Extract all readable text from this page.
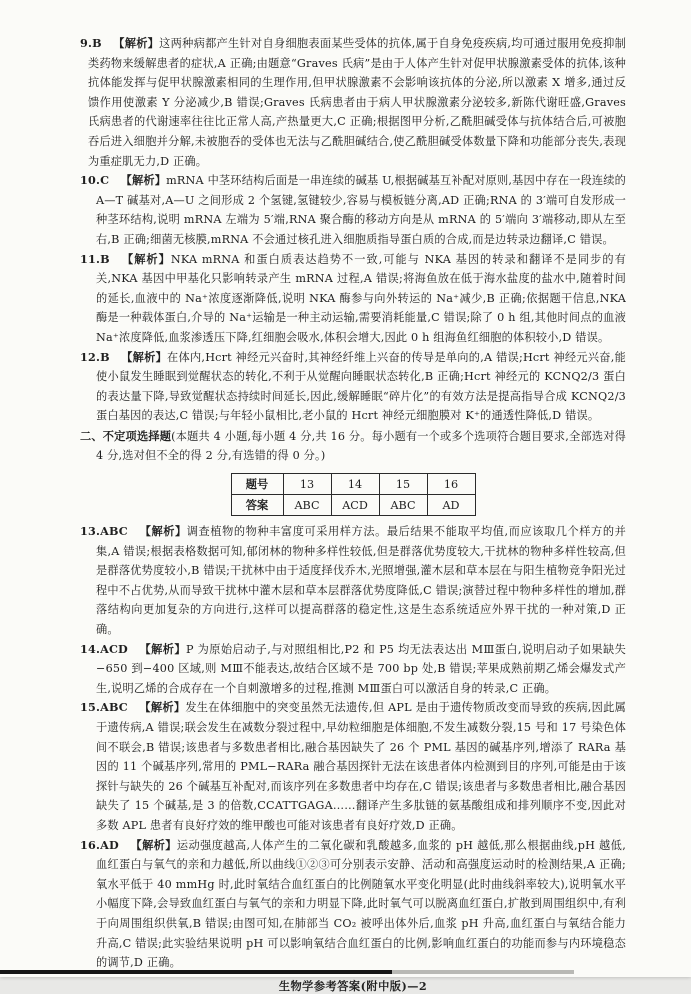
9.B  【解析】这两种病都产生针对自身细胞表面某些受体的抗体,属于自身免疫疾病,均可通过服用免疫抑制类药物来缓解患者的症状,A 正确;由题意“Graves 氏病”是由于人体产生针对促甲状腺激素受体的抗体,该种抗体能发挥与促甲状腺激素相同的生理作用,但甲状腺激素不会影响该抗体的分泌,所以激素 X 增多,通过反馈作用使激素 Y 分泌减少,B 错误;Graves 氏病患者由于病人甲状腺激素分泌较多,新陈代谢旺盛,Graves 氏病患者的代谢速率往往比正常人高,产热量更大,C 正确;根据图甲分析,乙酰胆碱受体与抗体结合后,可被胞吞后进入细胞并分解,未被胞吞的受体也无法与乙酰胆碱结合,使乙酰胆碱受体数量下降和功能部分丧失,表现为重症肌无力,D 正确。

10.C  【解析】mRNA 中茎环结构后面是一串连续的碱基 U,根据碱基互补配对原则,基因中存在一段连续的 A—T 碱基对,A—U 之间形成 2 个氢键,氢键较少,容易与模板链分离,AD 正确;RNA 的 3′端可自发形成一种茎环结构,说明 mRNA 左端为 5′端,RNA 聚合酶的移动方向是从 mRNA 的 5′端向 3′端移动,即从左至右,B 正确;细菌无核膜,mRNA 不会通过核孔进入细胞质指导蛋白质的合成,而是边转录边翻译,C 错误。

11.B  【解析】NKA mRNA 和蛋白质表达趋势不一致,可能与 NKA 基因的转录和翻译不是同步的有关,NKA 基因中甲基化只影响转录产生 mRNA 过程,A 错误;将海鱼放在低于海水盐度的盐水中,随着时间的延长,血液中的 Na⁺浓度逐渐降低,说明 NKA 酶参与向外转运的 Na⁺减少,B 正确;依据题干信息,NKA 酶是一种载体蛋白,介导的 Na⁺运输是一种主动运输,需要消耗能量,C 错误;除了 0 h 组,其他时间点的血液 Na⁺浓度降低,血浆渗透压下降,红细胞会吸水,体积会增大,因此 0 h 组海鱼红细胞的体积较小,D 错误。

12.B  【解析】在体内,Hcrt 神经元兴奋时,其神经纤维上兴奋的传导是单向的,A 错误;Hcrt 神经元兴奋,能使小鼠发生睡眠到觉醒状态的转化,不利于从觉醒向睡眠状态转化,B 正确;Hcrt 神经元的 KCNQ2/3 蛋白的表达量下降,导致觉醒状态持续时间延长,因此,缓解睡眠“碎片化”的有效方法是提高指导合成 KCNQ2/3 蛋白基因的表达,C 错误;与年轻小鼠相比,老小鼠的 Hcrt 神经元细胞膜对 K⁺的通透性降低,D 错误。

二、不定项选择题(本题共 4 小题,每小题 4 分,共 16 分。每小题有一个或多个选项符合题目要求,全部选对得 4 分,选对但不全的得 2 分,有选错的得 0 分。)

题号	13	14	15	16
答案	ABC	ACD	ABC	AD

13.ABC  【解析】调查植物的物种丰富度可采用样方法。最后结果不能取平均值,而应该取几个样方的并集,A 错误;根据表格数据可知,郁闭林的物种多样性较低,但是群落优势度较大,干扰林的物种多样性较高,但是群落优势度较小,B 错误;干扰林中由于适度择伐乔木,光照增强,灌木层和草本层在与阳生植物竞争阳光过程中不占优势,从而导致干扰林中灌木层和草本层群落优势度降低,C 错误;演替过程中物种多样性的增加,群落结构向更加复杂的方向进行,这样可以提高群落的稳定性,这是生态系统适应外界干扰的一种对策,D 正确。

14.ACD  【解析】P 为原始启动子,与对照组相比,P2 和 P5 均无法表达出 MⅢ蛋白,说明启动子如果缺失−650 到−400 区域,则 MⅢ不能表达,故结合区域不是 700 bp 处,B 错误;苹果成熟前期乙烯会爆发式产生,说明乙烯的合成存在一个自刺激增多的过程,推测 MⅢ蛋白可以激活自身的转录,C 正确。

15.ABC  【解析】发生在体细胞中的突变虽然无法遗传,但 APL 是由于遗传物质改变而导致的疾病,因此属于遗传病,A 错误;联会发生在减数分裂过程中,早幼粒细胞是体细胞,不发生减数分裂,15 号和 17 号染色体间不联会,B 错误;该患者与多数患者相比,融合基因缺失了 26 个 PML 基因的碱基序列,增添了 RARa 基因的 11 个碱基序列,常用的 PML−RARa 融合基因探针无法在该患者体内检测到目的序列,可能是由于该探针与缺失的 26 个碱基互补配对,而该序列在多数患者中均存在,C 错误;该患者与多数患者相比,融合基因缺失了 15 个碱基,是 3 的倍数,CCATTGAGA……翻译产生多肽链的氨基酸组成和排列顺序不变,因此对多数 APL 患者有良好疗效的维甲酸也可能对该患者有良好疗效,D 正确。

16.AD  【解析】运动强度越高,人体产生的二氧化碳和乳酸越多,血浆的 pH 越低,那么根据曲线,pH 越低,血红蛋白与氧气的亲和力越低,所以曲线①②③可分别表示安静、活动和高强度运动时的检测结果,A 正确;氧水平低于 40 mmHg 时,此时氧结合血红蛋白的比例随氧水平变化明显(此时曲线斜率较大),说明氧水平小幅度下降,会导致血红蛋白与氧气的亲和力明显下降,此时氧气可以脱离血红蛋白,扩散到周围组织中,有利于向周围组织供氧,B 错误;由图可知,在肺部当 CO₂ 被呼出体外后,血浆 pH 升高,血红蛋白与氧结合能力升高,C 错误;此实验结果说明 pH 可以影响氧结合血红蛋白的比例,影响血红蛋白的功能而参与内环境稳态的调节,D 正确。

生物学参考答案(附中版)—2
